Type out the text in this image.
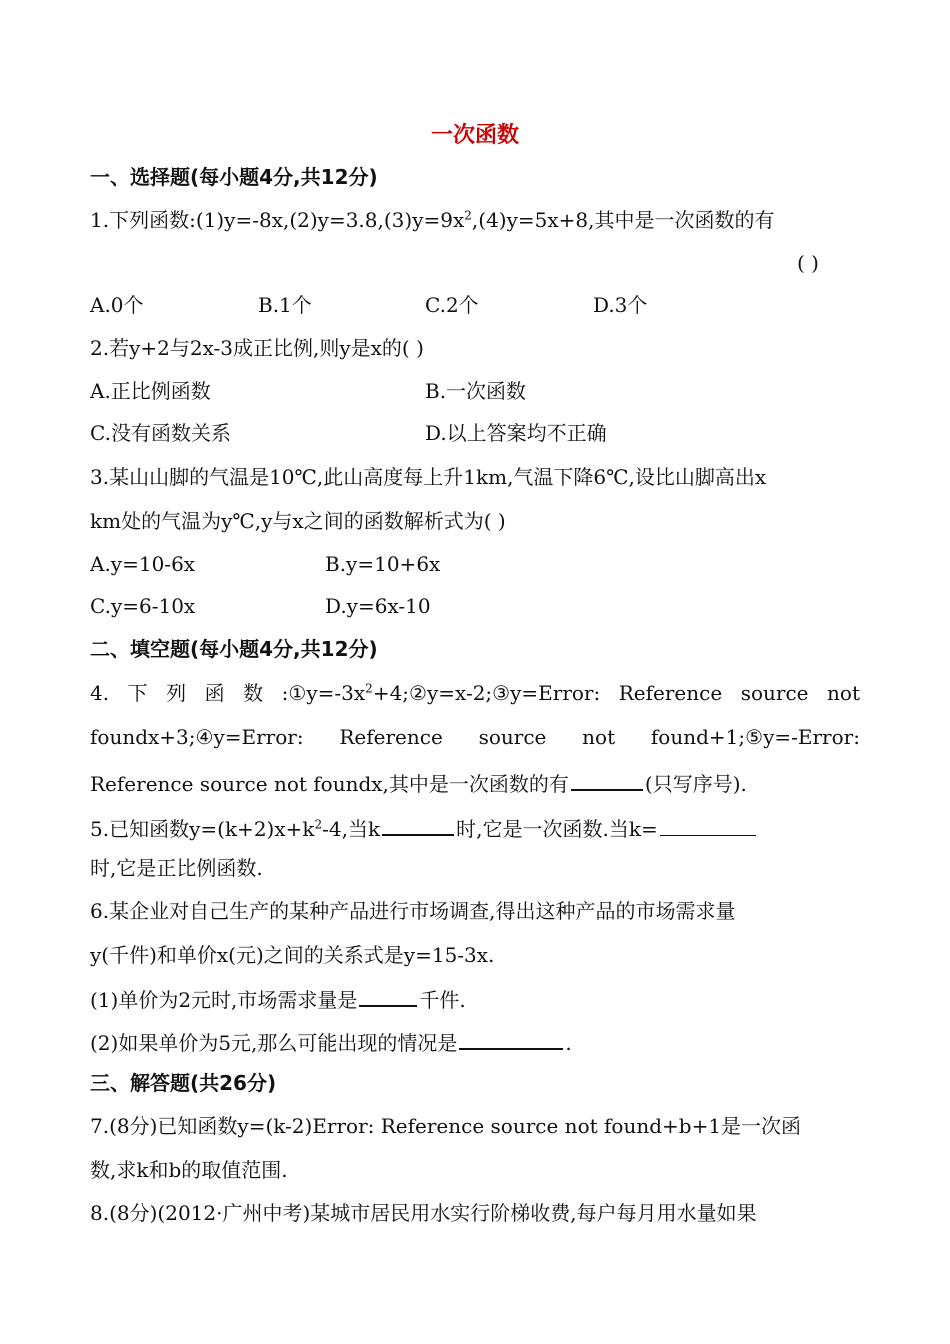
一次函数
一、选择题(每小题4分,共12分)
1.下列函数$:(1)y=-8x,(2)y=3.8,(3)y=9x^2,(4)y=5x+8$,其中是一次函数的有
( )
A.0个	B.1个	C.2个	D.3个
2.若y+2与2x-3成正比例,则y是x的( )
A.正比例函数	B.一次函数
C.没有函数关系	D.以上答案均不正确
3.某山山脚的气温是10℃,此山高度每上升1km,气温下降6℃,设比山脚高出x
km处的气温为y℃,y与x之间的函数解析式为( )
A.y=10-6x	B.y=10+6x
C.y=6-10x	D.y=6x-10
二、填空题(每小题4分,共12分)
4. 下 列 函 数 $:①y=-3x^2+4;②y=x-2;③y=Error$: Reference source not
foundx+3;④y=Error: Reference source not found+1;⑤y=-Error:
Reference source not foundx,其中是一次函数的有	(只写序号).
5.已知函数$y=(k+2)x+k^2-4$,当k	时,它是一次函数.当k=
时,它是正比例函数.
6.某企业对自己生产的某种产品进行市场调查,得出这种产品的市场需求量
y(千件)和单价x(元)之间的关系式是y=15-3x.
(1)单价为2元时,市场需求量是	千件.
(2)如果单价为5元,那么可能出现的情况是	.
三、解答题(共26分)
7.(8分)已知函数y=(k-2)Error: Reference source not found+b+1是一次函
数,求k和b的取值范围.
8.(8分)(2012·广州中考)某城市居民用水实行阶梯收费,每户每月用水量如果
